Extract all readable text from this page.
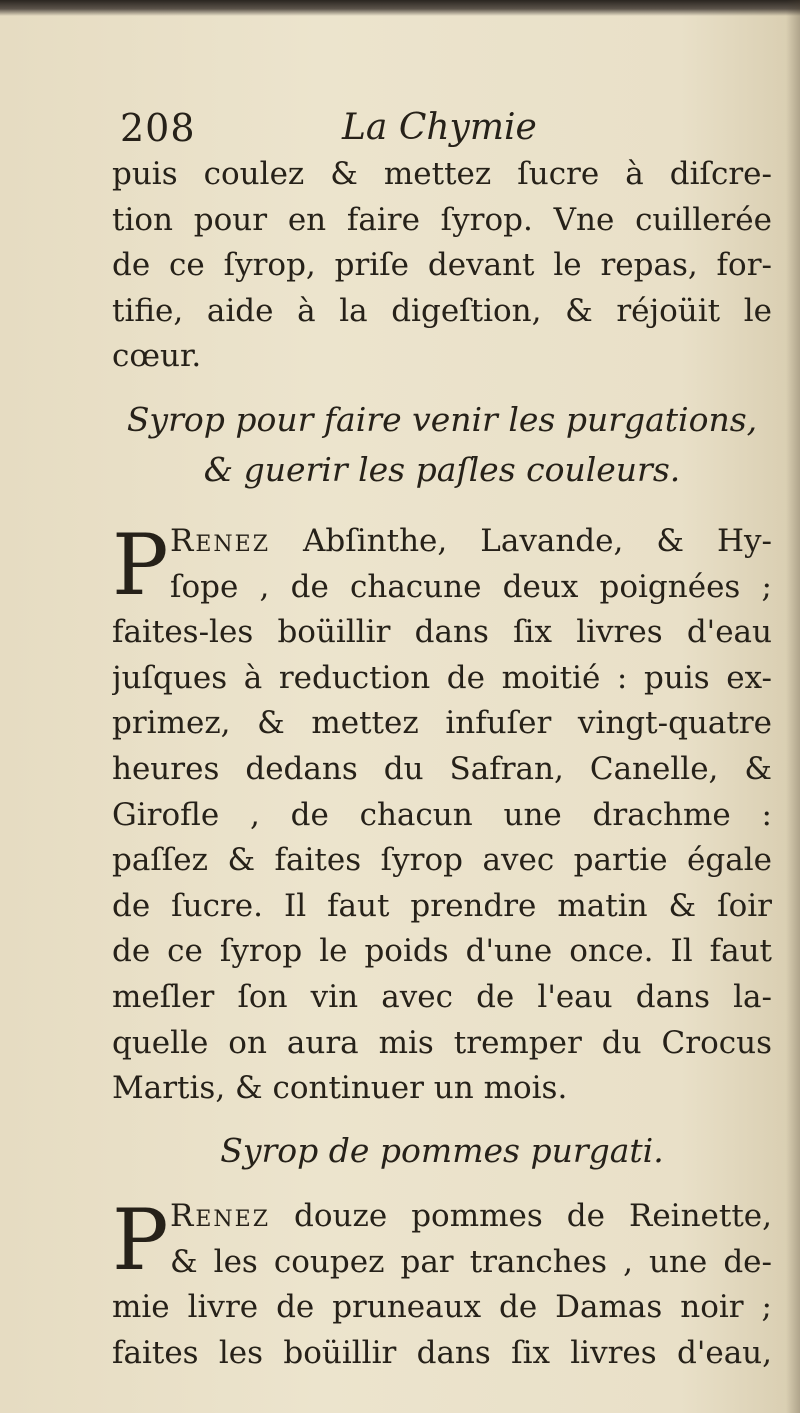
208	La Chymie
puis coulez & mettez ſucre à diſcre-
tion pour en faire ſyrop. Vne cuillerée
de ce ſyrop, priſe devant le repas, for-
tifie, aide à la digeſtion, & réjoüit le
cœur.
Syrop pour faire venir les purgations,
& guerir les paſles couleurs.
P Renez Abſinthe, Lavande, & Hy-
ſope , de chacune deux poignées ;
faites-les boüillir dans ſix livres d'eau
juſques à reduction de moitié : puis ex-
primez, & mettez infuſer vingt-quatre
heures dedans du Safran, Canelle, &
Girofle , de chacun une drachme :
paſſez & faites ſyrop avec partie égale
de ſucre. Il faut prendre matin & ſoir
de ce ſyrop le poids d'une once. Il faut
meſler ſon vin avec de l'eau dans la-
quelle on aura mis tremper du Crocus
Martis, & continuer un mois.
Syrop de pommes purgati.
P Renez douze pommes de Reinette,
& les coupez par tranches , une de-
mie livre de pruneaux de Damas noir ;
faites les boüillir dans ſix livres d'eau,
